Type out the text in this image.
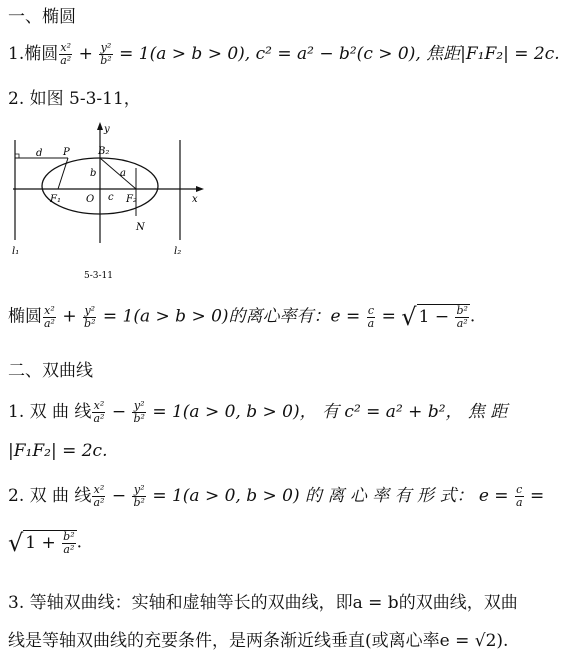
一、椭圆
1.椭圆 $\frac{\text{x²}}{\text{a²}} + \frac{\text{y²}}{\text{b²}} = 1(a > b > 0)$, c² = a² − b²(c > 0), 焦距|F₁F₂| = 2c.
2. 如图 5-3-11，
y
x
d P	B₂
b a
O c
F₁	F₂
N
l₁	l₂
5-3-11
椭圆 $\frac{\text{x²}}{\text{a²}} + \frac{\text{y²}}{\text{b²}} = 1(a > b > 0)$的离心率有：$e = \frac{c}{a}$ = √ $1 - \frac{\text{b²}}{\text{a²}}$ .
二、双曲线
1. 双 曲 线 $\frac{\text{x²}}{\text{a²}} - \frac{\text{y²}}{\text{b²}} = 1(a > 0$, b > 0)， 有 c² = a² + b²， 焦 距
|F₁F₂| = 2c.
2. 双 曲 线 $\frac{\text{x²}}{\text{a²}} - \frac{\text{y²}}{\text{b²}} = 1(a > 0$, b > 0) 的 离 心 率 有 形 式： $e = \frac{c}{a}$ =
√ $1 + \frac{\text{b²}}{\text{a²}}$ .
3. 等轴双曲线：实轴和虚轴等长的双曲线，即a = b的双曲线，双曲
线是等轴双曲线的充要条件，是两条渐近线垂直(或离心率e = √2).
